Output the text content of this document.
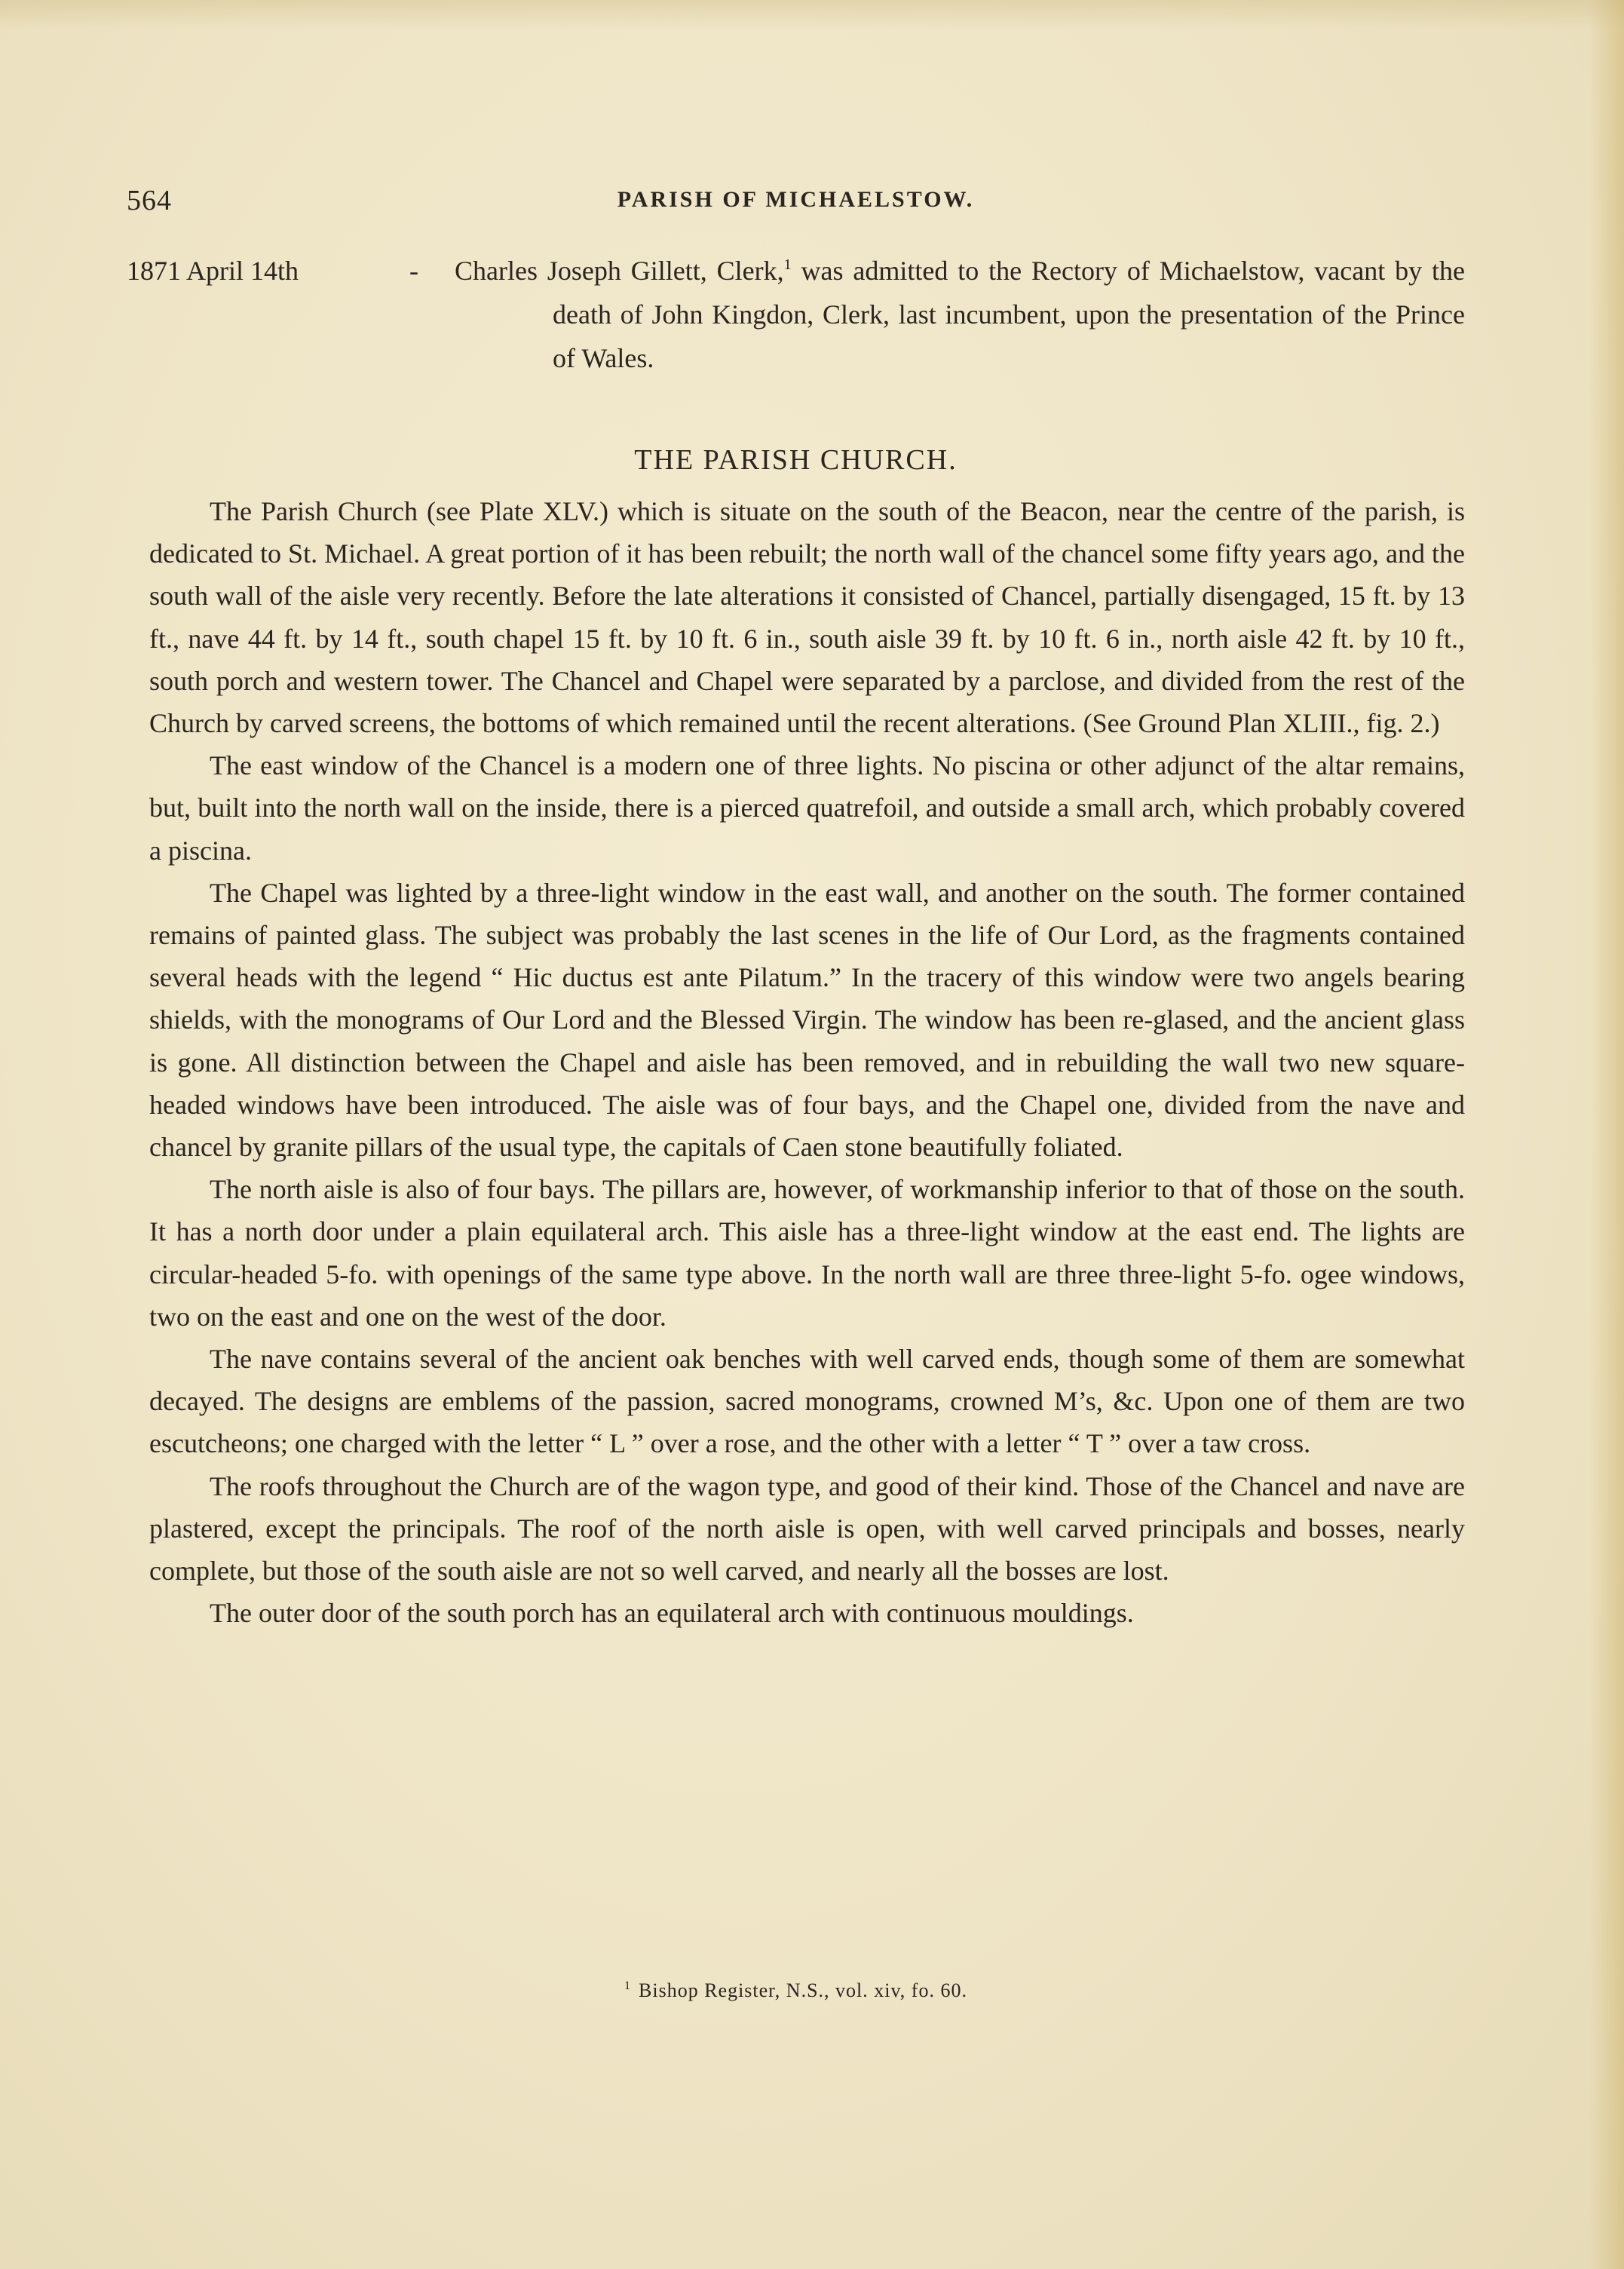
564	PARISH OF MICHAELSTOW.
1871 April 14th	- Charles Joseph Gillett, Clerk,$^1$ was admitted to the Rectory of Michaelstow, vacant by the death of John Kingdon, Clerk, last incumbent, upon the presentation of the Prince of Wales.
THE PARISH CHURCH.

The Parish Church (see Plate XLV.) which is situate on the south of the Beacon, near the centre of the parish, is dedicated to St. Michael. A great portion of it has been rebuilt; the north wall of the chancel some fifty years ago, and the south wall of the aisle very recently. Before the late alterations it consisted of Chancel, partially disengaged, 15 ft. by 13 ft., nave 44 ft. by 14 ft., south chapel 15 ft. by 10 ft. 6 in., south aisle 39 ft. by 10 ft. 6 in., north aisle 42 ft. by 10 ft., south porch and western tower. The Chancel and Chapel were separated by a parclose, and divided from the rest of the Church by carved screens, the bottoms of which remained until the recent alterations. (See Ground Plan XLIII., fig. 2.)

The east window of the Chancel is a modern one of three lights. No piscina or other adjunct of the altar remains, but, built into the north wall on the inside, there is a pierced quatrefoil, and outside a small arch, which probably covered a piscina.

The Chapel was lighted by a three-light window in the east wall, and another on the south. The former contained remains of painted glass. The subject was probably the last scenes in the life of Our Lord, as the fragments contained several heads with the legend “ Hic ductus est ante Pilatum.” In the tracery of this window were two angels bearing shields, with the monograms of Our Lord and the Blessed Virgin. The window has been re-glased, and the ancient glass is gone. All distinction between the Chapel and aisle has been removed, and in rebuilding the wall two new square-headed windows have been introduced. The aisle was of four bays, and the Chapel one, divided from the nave and chancel by granite pillars of the usual type, the capitals of Caen stone beautifully foliated.

The north aisle is also of four bays. The pillars are, however, of workmanship inferior to that of those on the south. It has a north door under a plain equilateral arch. This aisle has a three-light window at the east end. The lights are circular-headed 5-fo. with openings of the same type above. In the north wall are three three-light 5-fo. ogee windows, two on the east and one on the west of the door.

The nave contains several of the ancient oak benches with well carved ends, though some of them are somewhat decayed. The designs are emblems of the passion, sacred monograms, crowned M’s, &c. Upon one of them are two escutcheons; one charged with the letter “ L ” over a rose, and the other with a letter “ T ” over a taw cross.

The roofs throughout the Church are of the wagon type, and good of their kind. Those of the Chancel and nave are plastered, except the principals. The roof of the north aisle is open, with well carved principals and bosses, nearly complete, but those of the south aisle are not so well carved, and nearly all the bosses are lost.

The outer door of the south porch has an equilateral arch with continuous mouldings.

$^1$ Bishop Register, N.S., vol. xiv, fo. 60.
